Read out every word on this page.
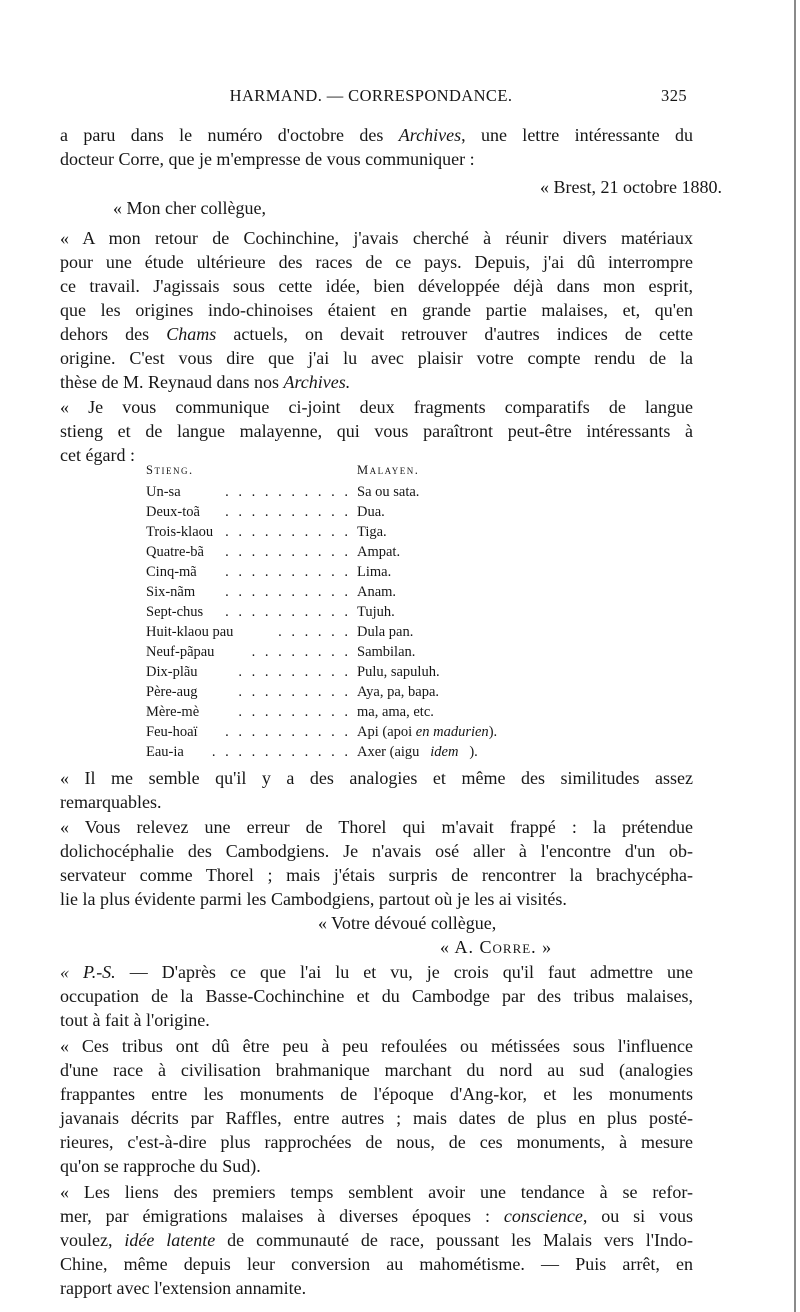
HARMAND. — CORRESPONDANCE.	325
a paru dans le numéro d'octobre des Archives, une lettre intéressante du
docteur Corre, que je m'empresse de vous communiquer :
« Brest, 21 octobre 1880.
« Mon cher collègue,
« A mon retour de Cochinchine, j'avais cherché à réunir divers matériaux
pour une étude ultérieure des races de ce pays. Depuis, j'ai dû interrompre
ce travail. J'agissais sous cette idée, bien développée déjà dans mon esprit,
que les origines indo-chinoises étaient en grande partie malaises, et, qu'en
dehors des Chams actuels, on devait retrouver d'autres indices de cette
origine. C'est vous dire que j'ai lu avec plaisir votre compte rendu de la
thèse de M. Reynaud dans nos Archives.
« Je vous communique ci-joint deux fragments comparatifs de langue
stieng et de langue malayenne, qui vous paraîtront peut-être intéressants à
cet égard :
Stieng.	Malayen.
. . . . . . . . . .
Un-sa	Sa ou sata.
. . . . . . . . . .
Deux-toã	Dua.
. . . . . . . . . .
Trois-klaou	Tiga.
. . . . . . . . . .
Quatre-bã	Ampat.
. . . . . . . . . .
Cinq-mã	Lima.
. . . . . . . . . .
Six-nãm	Anam.
. . . . . . . . . .
Sept-chus	Tujuh.
. . . . . .
Huit-klaou pau	Dula pan.
. . . . . . . .
Neuf-pãpau	Sambilan.
. . . . . . . . .
Dix-plãu	Pulu, sapuluh.
. . . . . . . . .
Père-aug	Aya, pa, bapa.
. . . . . . . . .
Mère-mè	ma, ama, etc.
. . . . . . . . . .
Feu-hoaï	Api (apoi en madurien).
. . . . . . . . . . .
Eau-ia	Axer (aigu idem ).
« Il me semble qu'il y a des analogies et même des similitudes assez
remarquables.
« Vous relevez une erreur de Thorel qui m'avait frappé : la prétendue
dolichocéphalie des Cambodgiens. Je n'avais osé aller à l'encontre d'un ob-
servateur comme Thorel ; mais j'étais surpris de rencontrer la brachycépha-
lie la plus évidente parmi les Cambodgiens, partout où je les ai visités.
« Votre dévoué collègue,
« A. Corre. »
« P.-S. — D'après ce que l'ai lu et vu, je crois qu'il faut admettre une
occupation de la Basse-Cochinchine et du Cambodge par des tribus malaises,
tout à fait à l'origine.
« Ces tribus ont dû être peu à peu refoulées ou métissées sous l'influence
d'une race à civilisation brahmanique marchant du nord au sud (analogies
frappantes entre les monuments de l'époque d'Ang-kor, et les monuments
javanais décrits par Raffles, entre autres ; mais dates de plus en plus posté-
rieures, c'est-à-dire plus rapprochées de nous, de ces monuments, à mesure
qu'on se rapproche du Sud).
« Les liens des premiers temps semblent avoir une tendance à se refor-
mer, par émigrations malaises à diverses époques : conscience, ou si vous
voulez, idée latente de communauté de race, poussant les Malais vers l'Indo-
Chine, même depuis leur conversion au mahométisme. — Puis arrêt, en
rapport avec l'extension annamite.
